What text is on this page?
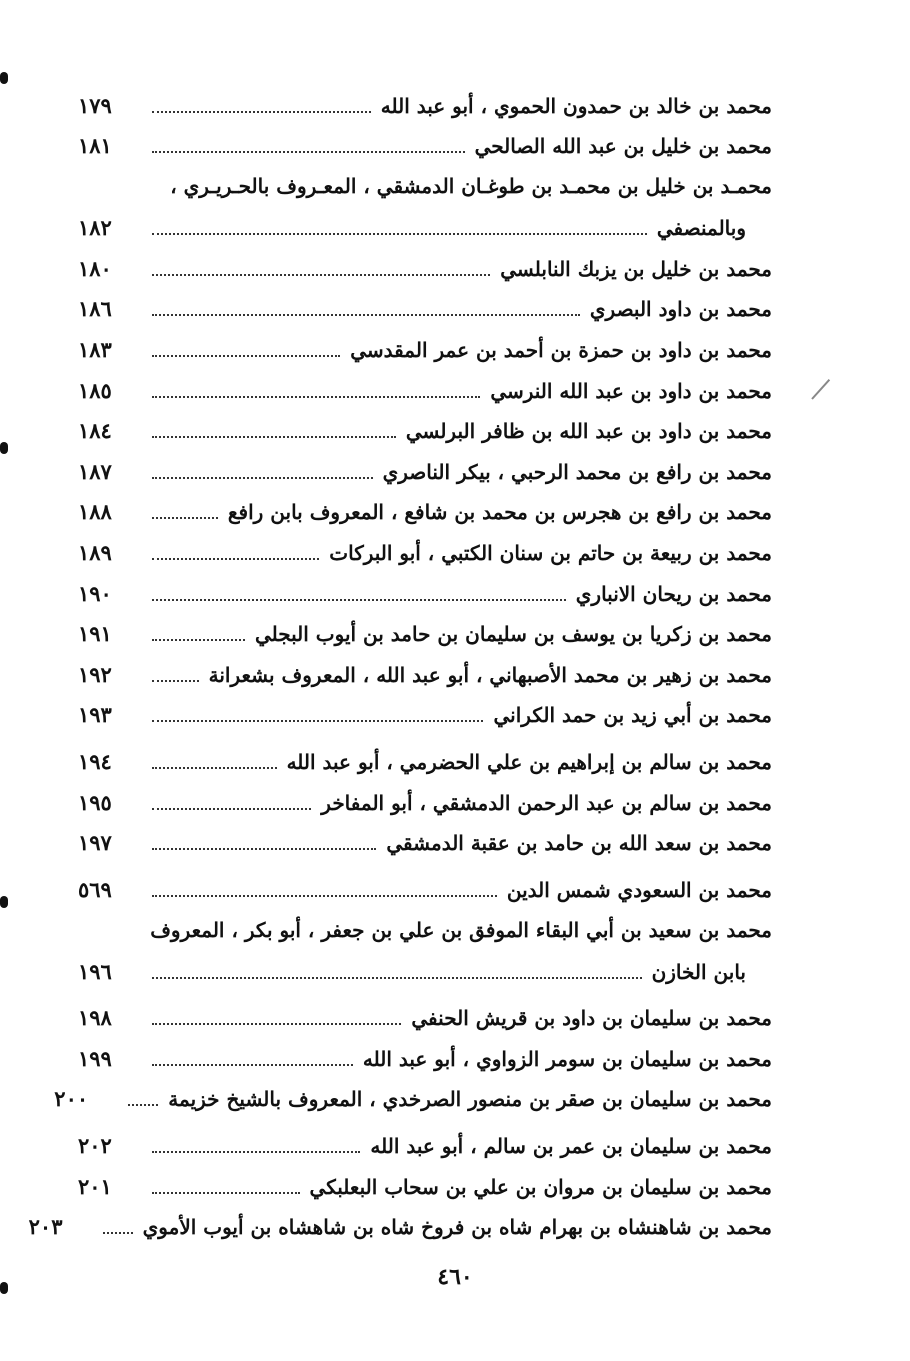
محمد بن خالد بن حمدون الحموي ، أبو عبد الله
١٧٩
محمد بن خليل بن عبد الله الصالحي
١٨١
محمـد بن خليل بن محمـد بن طوغـان الدمشقي ، المعـروف بالحـريـري ،
وبالمنصفي
١٨٢
محمد بن خليل بن يزبك النابلسي
١٨٠
محمد بن داود البصري
١٨٦
محمد بن داود بن حمزة بن أحمد بن عمر المقدسي
١٨٣
محمد بن داود بن عبد الله النرسي
١٨٥
محمد بن داود بن عبد الله بن ظافر البرلسي
١٨٤
محمد بن رافع بن محمد الرحبي ، بيكر الناصري
١٨٧
محمد بن رافع بن هجرس بن محمد بن شافع ، المعروف بابن رافع
١٨٨
محمد بن ربيعة بن حاتم بن سنان الكتبي ، أبو البركات
١٨٩
محمد بن ريحان الانباري
١٩٠
محمد بن زكريا بن يوسف بن سليمان بن حامد بن أيوب البجلي
١٩١
محمد بن زهير بن محمد الأصبهاني ، أبو عبد الله ، المعروف بشعرانة
١٩٢
محمد بن أبي زيد بن حمد الكراني
١٩٣
محمد بن سالم بن إبراهيم بن علي الحضرمي ، أبو عبد الله
١٩٤
محمد بن سالم بن عبد الرحمن الدمشقي ، أبو المفاخر
١٩٥
محمد بن سعد الله بن حامد بن عقبة الدمشقي
١٩٧
محمد بن السعودي شمس الدين
٥٦٩
محمد بن سعيد بن أبي البقاء الموفق بن علي بن جعفر ، أبو بكر ، المعروف
بابن الخازن
١٩٦
محمد بن سليمان بن داود بن قريش الحنفي
١٩٨
محمد بن سليمان بن سومر الزواوي ، أبو عبد الله
١٩٩
محمد بن سليمان بن صقر بن منصور الصرخدي ، المعروف بالشيخ خزيمة
٢٠٠
محمد بن سليمان بن عمر بن سالم ، أبو عبد الله
٢٠٢
محمد بن سليمان بن مروان بن علي بن سحاب البعلبكي
٢٠١
محمد بن شاهنشاه بن بهرام شاه بن فروخ شاه بن شاهشاه بن أيوب الأموي
٢٠٣
٤٦٠
